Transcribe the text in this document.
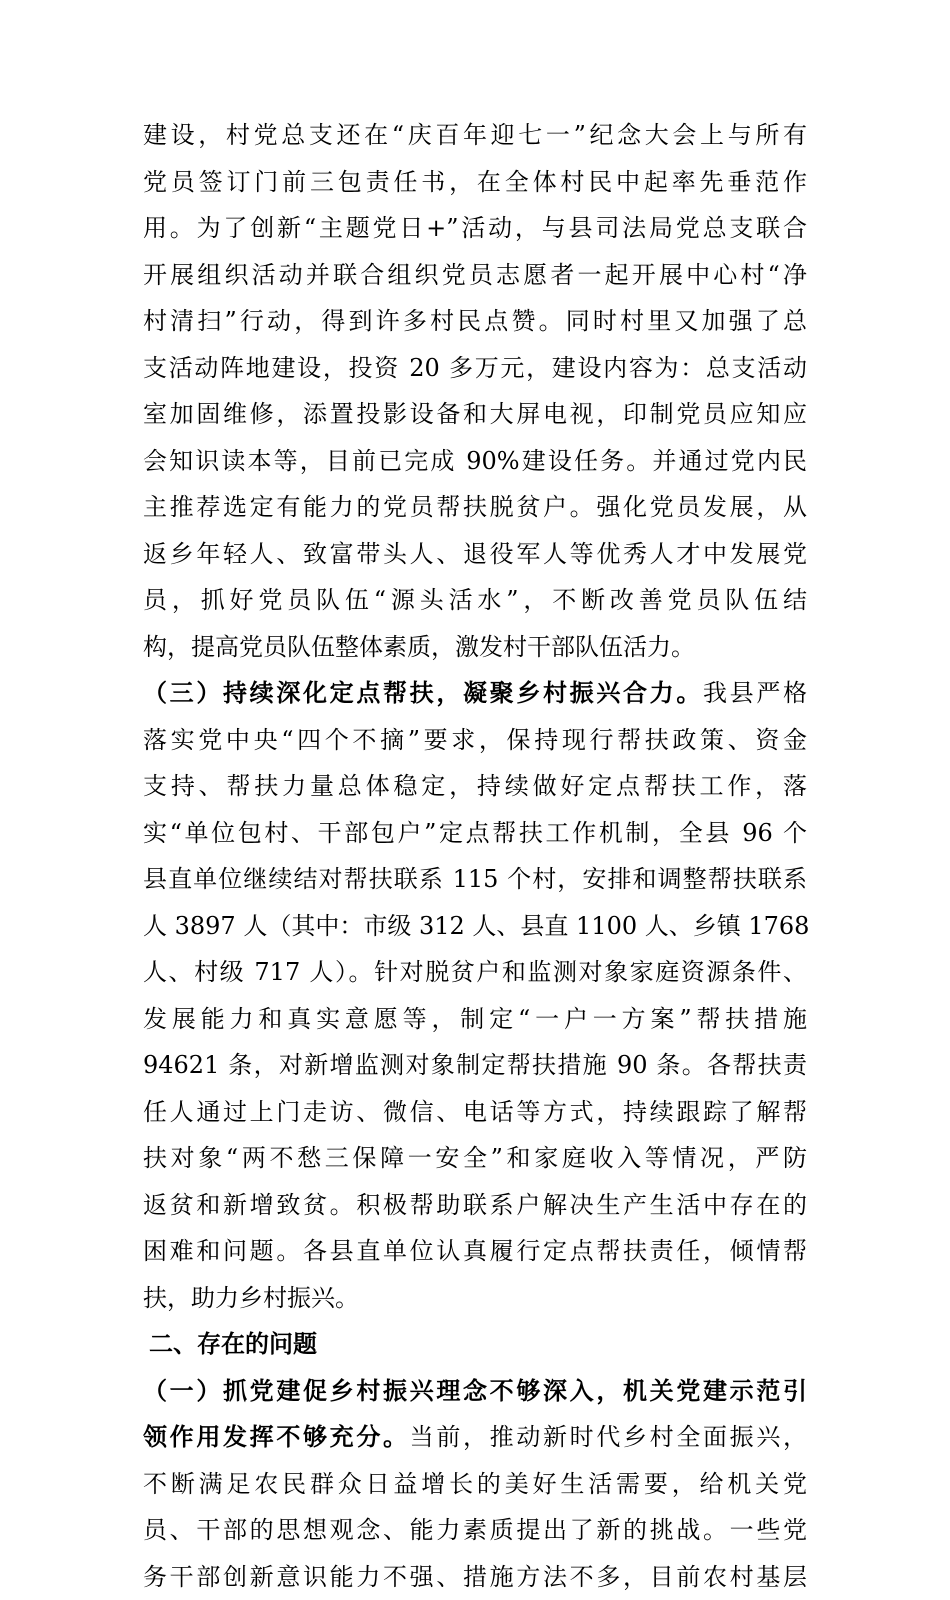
建设，村党总支还在“庆百年迎七一”纪念大会上与所有
党员签订门前三包责任书，在全体村民中起率先垂范作
用。为了创新“主题党日+”活动，与县司法局党总支联合
开展组织活动并联合组织党员志愿者一起开展中心村“净
村清扫”行动，得到许多村民点赞。同时村里又加强了总
支活动阵地建设，投资 20 多万元，建设内容为：总支活动
室加固维修，添置投影设备和大屏电视，印制党员应知应
会知识读本等，目前已完成 90%建设任务。并通过党内民
主推荐选定有能力的党员帮扶脱贫户。强化党员发展，从
返乡年轻人、致富带头人、退役军人等优秀人才中发展党
员，抓好党员队伍“源头活水”，不断改善党员队伍结
构，提高党员队伍整体素质，激发村干部队伍活力。
（三）持续深化定点帮扶，凝聚乡村振兴合力。我县严格
落实党中央“四个不摘”要求，保持现行帮扶政策、资金
支持、帮扶力量总体稳定，持续做好定点帮扶工作，落
实“单位包村、干部包户”定点帮扶工作机制，全县 96 个
县直单位继续结对帮扶联系 115 个村，安排和调整帮扶联系
人 3897 人（其中：市级 312 人、县直 1100 人、乡镇 1768
人、村级 717 人）。针对脱贫户和监测对象家庭资源条件、
发展能力和真实意愿等，制定“一户一方案”帮扶措施
94621 条，对新增监测对象制定帮扶措施 90 条。各帮扶责
任人通过上门走访、微信、电话等方式，持续跟踪了解帮
扶对象“两不愁三保障一安全”和家庭收入等情况，严防
返贫和新增致贫。积极帮助联系户解决生产生活中存在的
困难和问题。各县直单位认真履行定点帮扶责任，倾情帮
扶，助力乡村振兴。
二、存在的问题
（一）抓党建促乡村振兴理念不够深入，机关党建示范引
领作用发挥不够充分。当前，推动新时代乡村全面振兴，
不断满足农民群众日益增长的美好生活需要，给机关党
员、干部的思想观念、能力素质提出了新的挑战。一些党
务干部创新意识能力不强、措施方法不多，目前农村基层
